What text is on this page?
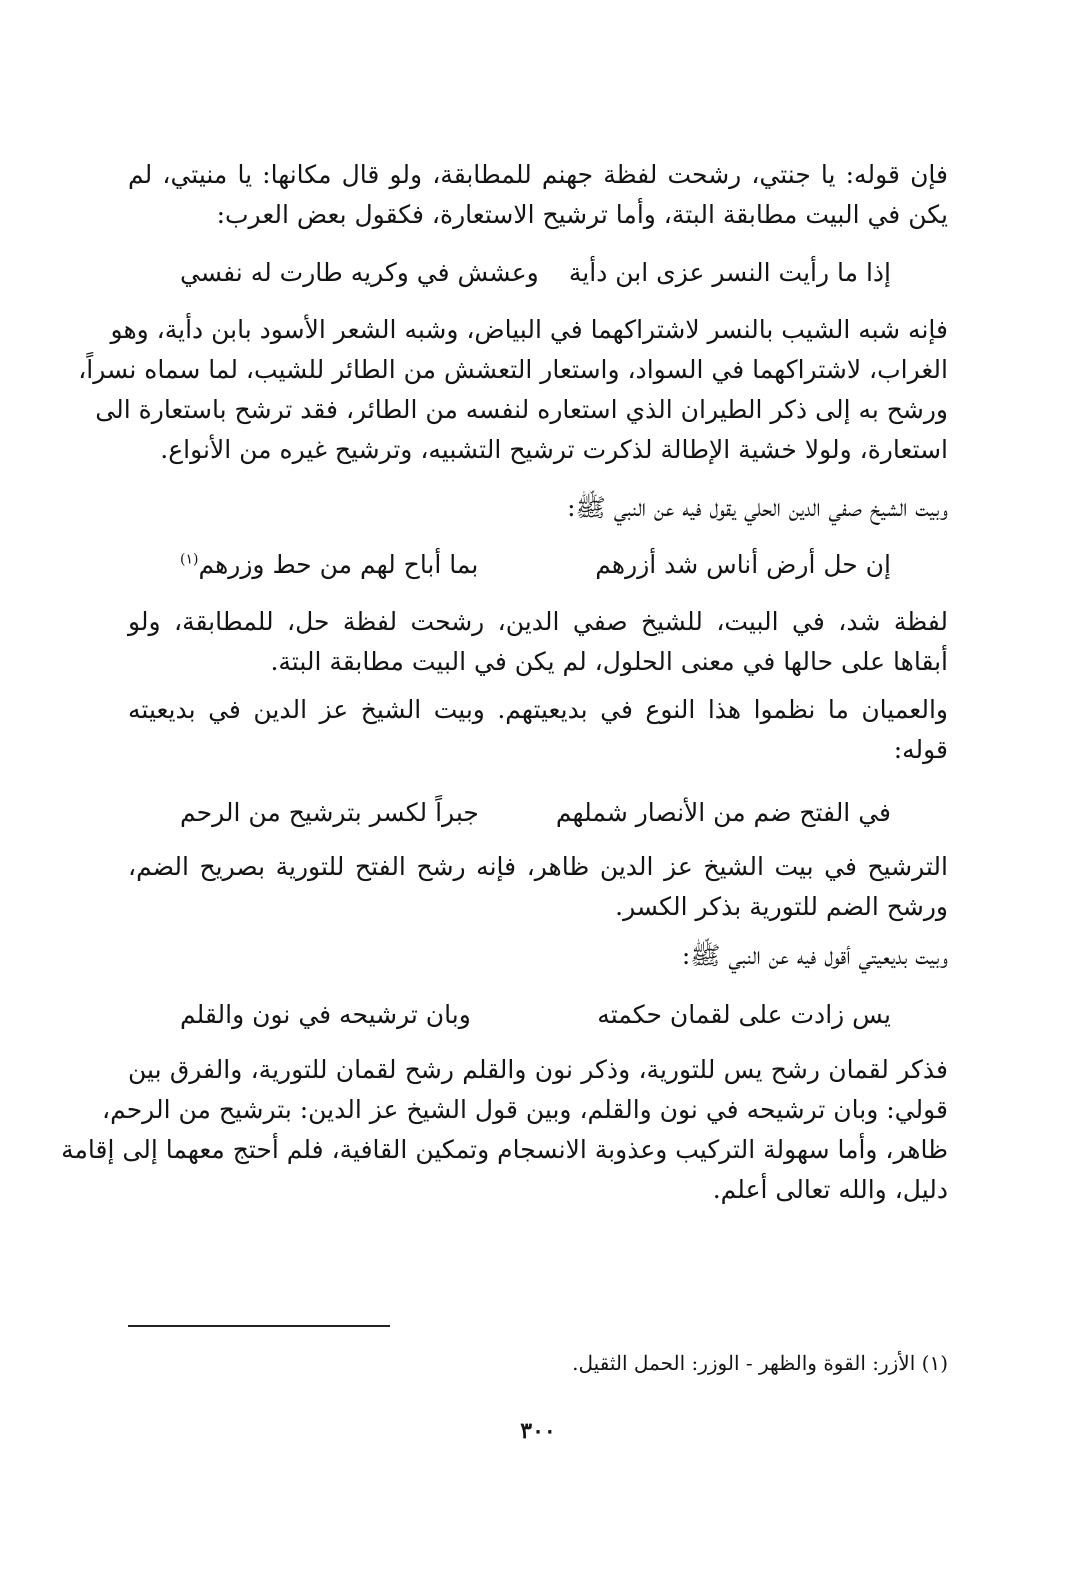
فإن قوله: يا جنتي، رشحت لفظة جهنم للمطابقة، ولو قال مكانها: يا منيتي، لم
يكن في البيت مطابقة البتة، وأما ترشيح الاستعارة، فكقول بعض العرب:
إذا ما رأيت النسر عزى ابن دأية
وعشش في وكريه طارت له نفسي
فإنه شبه الشيب بالنسر لاشتراكهما في البياض، وشبه الشعر الأسود بابن دأية، وهو
الغراب، لاشتراكهما في السواد، واستعار التعشش من الطائر للشيب، لما سماه نسراً،
ورشح به إلى ذكر الطيران الذي استعاره لنفسه من الطائر، فقد ترشح باستعارة الى
استعارة، ولولا خشية الإطالة لذكرت ترشيح التشبيه، وترشيح غيره من الأنواع.
وبيت الشيخ صفي الدين الحلي يقول فيه عن النبي ﷺ:
إن حل أرض أناس شد أزرهم
بما أباح لهم من حط وزرهم$^{(١)}$
لفظة شد، في البيت، للشيخ صفي الدين، رشحت لفظة حل، للمطابقة، ولو
أبقاها على حالها في معنى الحلول، لم يكن في البيت مطابقة البتة.
والعميان ما نظموا هذا النوع في بديعيتهم. وبيت الشيخ عز الدين في بديعيته
قوله:
في الفتح ضم من الأنصار شملهم
جبراً لكسر بترشيح من الرحم
الترشيح في بيت الشيخ عز الدين ظاهر، فإنه رشح الفتح للتورية بصريح الضم،
ورشح الضم للتورية بذكر الكسر.
وبيت بديعيتي أقول فيه عن النبي ﷺ:
يس زادت على لقمان حكمته
وبان ترشيحه في نون والقلم
فذكر لقمان رشح يس للتورية، وذكر نون والقلم رشح لقمان للتورية، والفرق بين
قولي: وبان ترشيحه في نون والقلم، وبين قول الشيخ عز الدين: بترشيح من الرحم،
ظاهر، وأما سهولة التركيب وعذوبة الانسجام وتمكين القافية، فلم أحتج معهما إلى إقامة
دليل، والله تعالى أعلم.
(١) الأزر: القوة والظهر - الوزر: الحمل الثقيل.
٣٠٠
